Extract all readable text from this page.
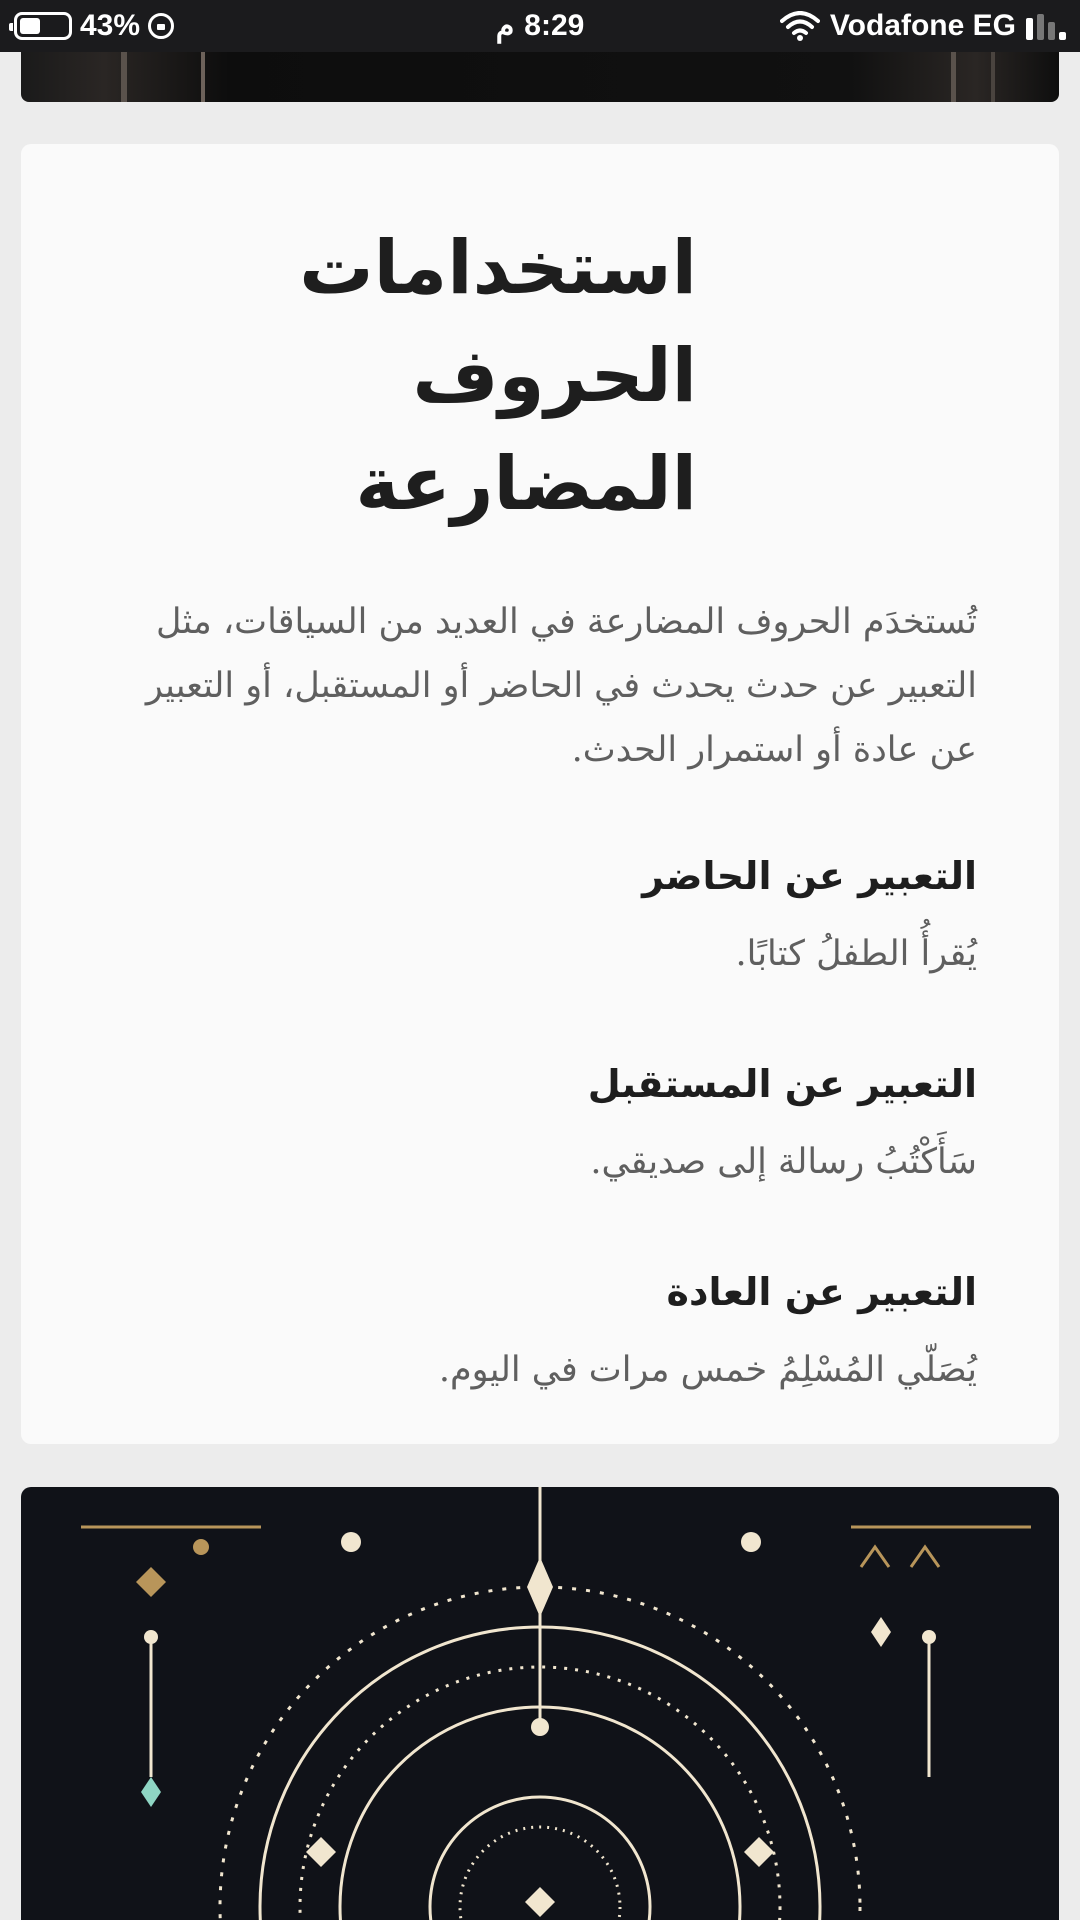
43%	م 8:29	Vodafone EG
استخدامات الحروف المضارعة

تُستخدَم الحروف المضارعة في العديد من السياقات، مثل التعبير عن حدث يحدث في الحاضر أو المستقبل، أو التعبير عن عادة أو استمرار الحدث.

التعبير عن الحاضر

يُقرأُ الطفلُ كتابًا.

التعبير عن المستقبل

سَأَكْتُبُ رسالة إلى صديقي.

التعبير عن العادة

يُصَلّي المُسْلِمُ خمس مرات في اليوم.
